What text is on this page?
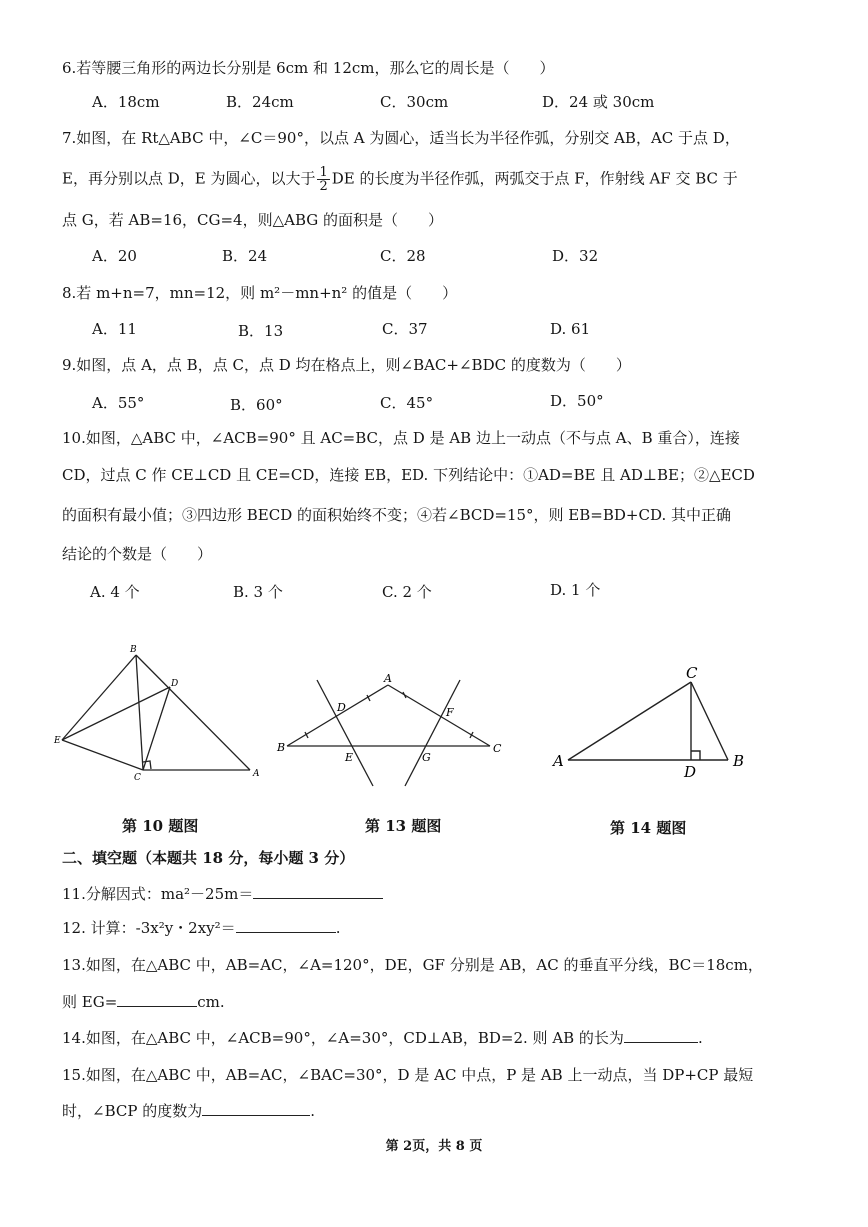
6.若等腰三角形的两边长分别是 6cm 和 12cm，那么它的周长是（　　）
A．18cm	B．24cm	C．30cm	D．24 或 30cm
7.如图，在 Rt△ABC 中，∠C＝90°，以点 A 为圆心，适当长为半径作弧，分别交 AB，AC 于点 D，
E，再分别以点 D，E 为圆心，以大于 $\frac{1}{2}$ DE 的长度为半径作弧，两弧交于点 F，作射线 AF 交 BC 于
点 G，若 AB=16，CG=4，则△ABG 的面积是（　　）
A．20	B．24	C．28	D．32
8.若 m+n=7，mn=12，则 m²－mn+n² 的值是（　　）
A．11	B．13	C．37	D. 61
9.如图，点 A，点 B，点 C，点 D 均在格点上，则∠BAC+∠BDC 的度数为（　　）
A．55°	B．60°	C．45°	D．50°
10.如图，△ABC 中，∠ACB=90° 且 AC=BC，点 D 是 AB 边上一动点（不与点 A、B 重合），连接
CD，过点 C 作 CE⊥CD 且 CE=CD，连接 EB，ED. 下列结论中：①AD=BE 且 AD⊥BE；②△ECD
的面积有最小值；③四边形 BECD 的面积始终不变；④若∠BCD=15°，则 EB=BD+CD. 其中正确
结论的个数是（　　）
A. 4 个	B. 3 个	C. 2 个	D. 1 个
B
D
E
C	A
第 10 题图
A
D	F
B
E	G
C
第 13 题图
C
A
D
B
第 14 题图
二、填空题（本题共 18 分，每小题 3 分）
11.分解因式：ma²－25m＝
12. 计算：-3x²y・2xy²＝	.
13.如图，在△ABC 中，AB=AC，∠A=120°，DE，GF 分别是 AB，AC 的垂直平分线，BC＝18cm，
则 EG=	cm.
14.如图，在△ABC 中，∠ACB=90°，∠A=30°，CD⊥AB，BD=2. 则 AB 的长为	.
15.如图，在△ABC 中，AB=AC，∠BAC=30°，D 是 AC 中点，P 是 AB 上一动点，当 DP+CP 最短
时，∠BCP 的度数为	.
第 2页，共 8 页
